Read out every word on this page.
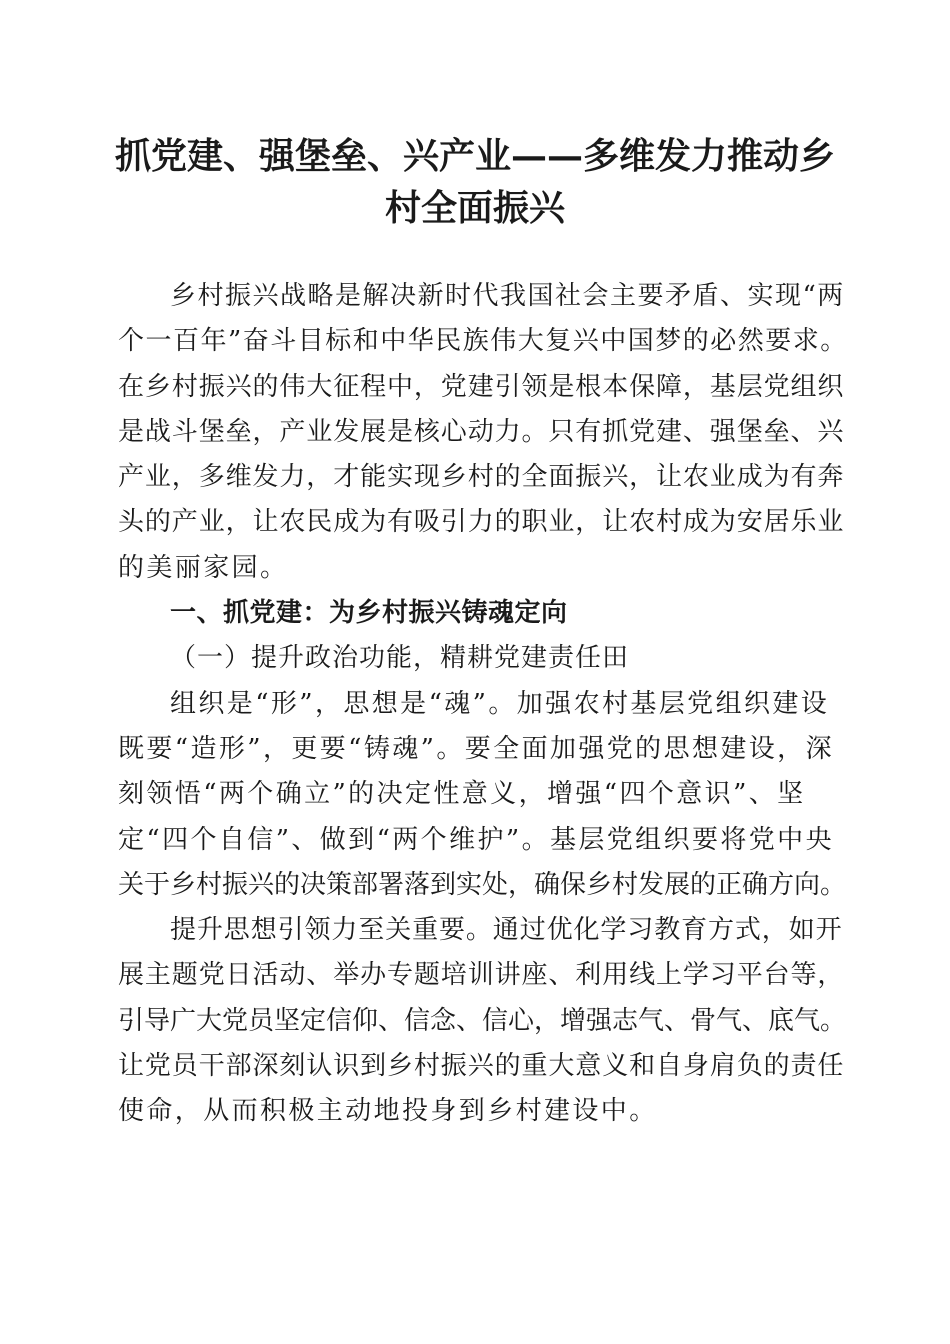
抓党建、强堡垒、兴产业——多维发力推动乡
村全面振兴
乡村振兴战略是解决新时代我国社会主要矛盾、实现“两
个一百年”奋斗目标和中华民族伟大复兴中国梦的必然要求。
在乡村振兴的伟大征程中，党建引领是根本保障，基层党组织
是战斗堡垒，产业发展是核心动力。只有抓党建、强堡垒、兴
产业，多维发力，才能实现乡村的全面振兴，让农业成为有奔
头的产业，让农民成为有吸引力的职业，让农村成为安居乐业
的美丽家园。
一、抓党建：为乡村振兴铸魂定向
（一）提升政治功能，精耕党建责任田
组织是“形”，思想是“魂”。加强农村基层党组织建设
既要“造形”，更要“铸魂”。要全面加强党的思想建设，深
刻领悟“两个确立”的决定性意义，增强“四个意识”、坚
定“四个自信”、做到“两个维护”。基层党组织要将党中央
关于乡村振兴的决策部署落到实处，确保乡村发展的正确方向。
提升思想引领力至关重要。通过优化学习教育方式，如开
展主题党日活动、举办专题培训讲座、利用线上学习平台等，
引导广大党员坚定信仰、信念、信心，增强志气、骨气、底气。
让党员干部深刻认识到乡村振兴的重大意义和自身肩负的责任
使命，从而积极主动地投身到乡村建设中。
